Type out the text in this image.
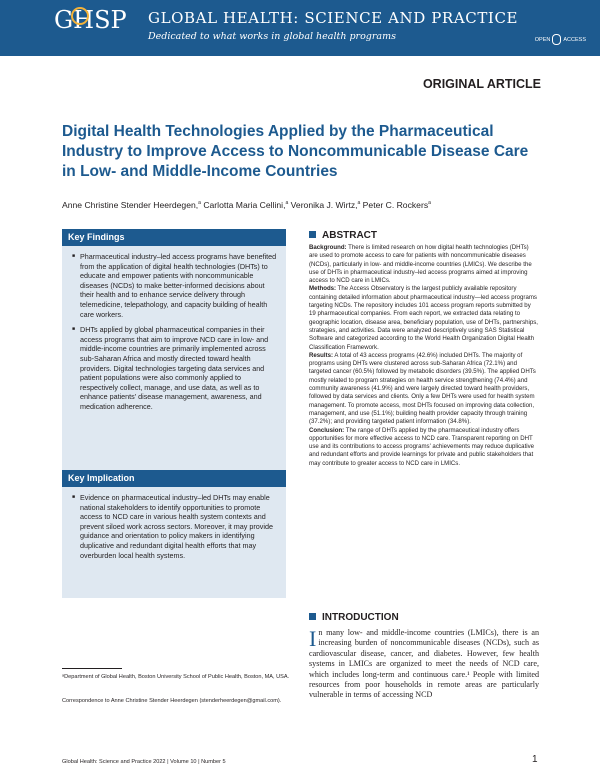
GHSP GLOBAL HEALTH: SCIENCE AND PRACTICE
Dedicated to what works in global health programs	OPEN ACCESS
ORIGINAL ARTICLE
Digital Health Technologies Applied by the Pharmaceutical Industry to Improve Access to Noncommunicable Disease Care in Low- and Middle-Income Countries
Anne Christine Stender Heerdegen,$^a$ Carlotta Maria Cellini,$^a$ Veronika J. Wirtz,$^a$ Peter C. Rockers$^a$
Key Findings
■ Pharmaceutical industry–led access programs have benefited from the application of digital health technologies (DHTs) to educate and empower patients with noncommunicable diseases (NCDs) to make better-informed decisions about their health and to enhance service delivery through telemedicine, telepathology, and capacity building of health care workers.
■ DHTs applied by global pharmaceutical companies in their access programs that aim to improve NCD care in low- and middle-income countries are primarily implemented across sub-Saharan Africa and mostly directed toward health providers. Digital technologies targeting data services and patient populations were also commonly applied to respectively collect, manage, and use data, as well as to enhance patients' disease management, awareness, and medication adherence.
Key Implication
■ Evidence on pharmaceutical industry–led DHTs may enable national stakeholders to identify opportunities to promote access to NCD care in various health system contexts and prevent siloed work across sectors. Moreover, it may provide guidance and orientation to policy makers in identifying duplicative and redundant digital health efforts that may overburden local health systems.
ABSTRACT

Background: There is limited research on how digital health technologies (DHTs) are used to promote access to care for patients with noncommunicable diseases (NCDs), particularly in low- and middle-income countries (LMICs). We describe the use of DHTs in pharmaceutical industry–led access programs aimed at improving access to NCD care in LMICs.

Methods: The Access Observatory is the largest publicly available repository containing detailed information about pharmaceutical industry—led access programs targeting NCDs. The repository includes 101 access program reports submitted by 19 pharmaceutical companies. From each report, we extracted data relating to geographic location, disease area, beneficiary population, use of DHTs, partnerships, strategies, and activities. Data were analyzed descriptively using SAS Statistical Software and categorized according to the World Health Organization Digital Health Classification Framework.

Results: A total of 43 access programs (42.6%) included DHTs. The majority of programs using DHTs were clustered across sub-Saharan Africa (72.1%) and targeted cancer (60.5%) followed by metabolic disorders (39.5%). The applied DHTs mostly related to program strategies on health service strengthening (74.4%) and community awareness (41.9%) and were largely directed toward health providers, followed by data services and clients. Only a few DHTs were used for health system management. To promote access, most DHTs focused on improving data collection, management, and use (51.1%); building health provider capacity through training (37.2%); and providing targeted patient information (34.8%).

Conclusion: The range of DHTs applied by the pharmaceutical industry offers opportunities for more effective access to NCD care. Transparent reporting on DHT use and its contributions to access programs' achievements may reduce duplicative and redundant efforts and provide learnings for private and public stakeholders that may contribute to greater access to NCD care in LMICs.

INTRODUCTION
In many low- and middle-income countries (LMICs), there is an increasing burden of noncommunicable diseases (NCDs), such as cardiovascular disease, cancer, and diabetes. However, few health systems in LMICs are organized to meet the needs of NCD care, which includes long-term and continuous care.¹ People with limited resources from poor households in remote areas are particularly vulnerable in terms of accessing NCD
ᵃDepartment of Global Health, Boston University School of Public Health, Boston, MA, USA.
Correspondence to Anne Christine Stender Heerdegen (stenderheerdegen@gmail.com).
Global Health: Science and Practice 2022 | Volume 10 | Number 5	1
